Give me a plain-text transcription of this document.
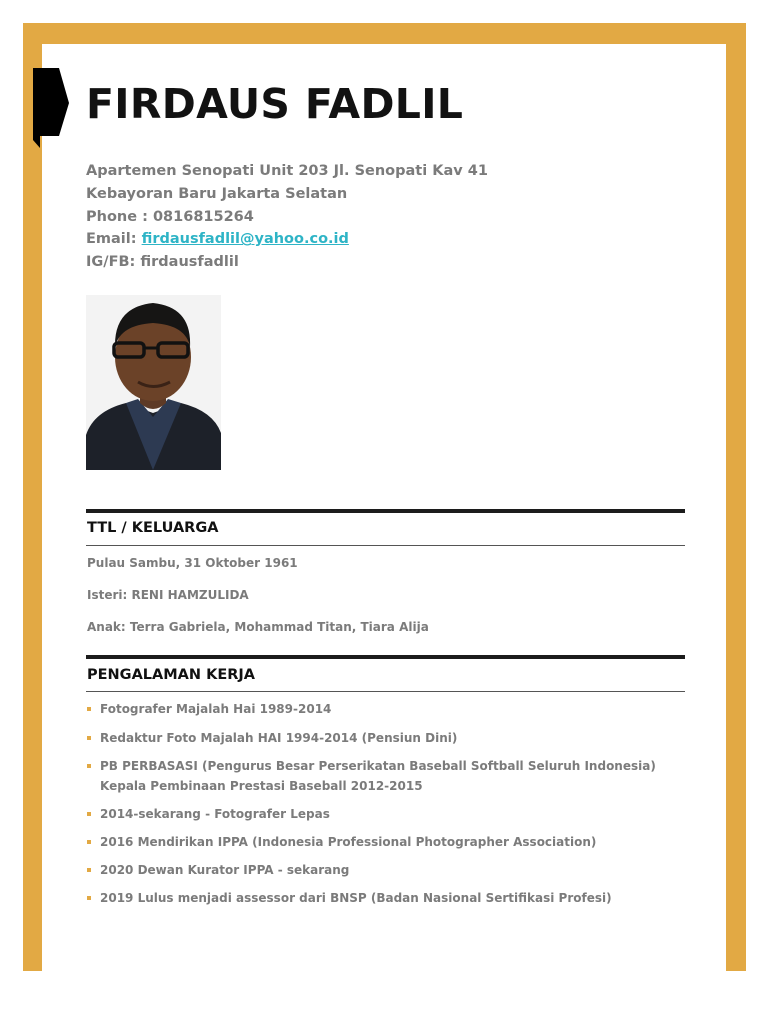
FIRDAUS FADLIL
Apartemen Senopati Unit 203 Jl. Senopati Kav 41
Kebayoran Baru Jakarta Selatan
Phone : 0816815264
Email: firdausfadlil@yahoo.co.id
IG/FB: firdausfadlil
TTL / KELUARGA
Pulau Sambu, 31 Oktober 1961
Isteri: RENI HAMZULIDA
Anak: Terra Gabriela, Mohammad Titan, Tiara Alija
PENGALAMAN KERJA
Fotografer Majalah Hai 1989-2014
Redaktur Foto Majalah HAI 1994-2014 (Pensiun Dini)
PB PERBASASI (Pengurus Besar Perserikatan Baseball Softball Seluruh Indonesia) Kepala Pembinaan Prestasi Baseball 2012-2015
2014-sekarang - Fotografer Lepas
2016 Mendirikan IPPA (Indonesia Professional Photographer Association)
2020 Dewan Kurator IPPA - sekarang
2019 Lulus menjadi assessor dari BNSP (Badan Nasional Sertifikasi Profesi)
